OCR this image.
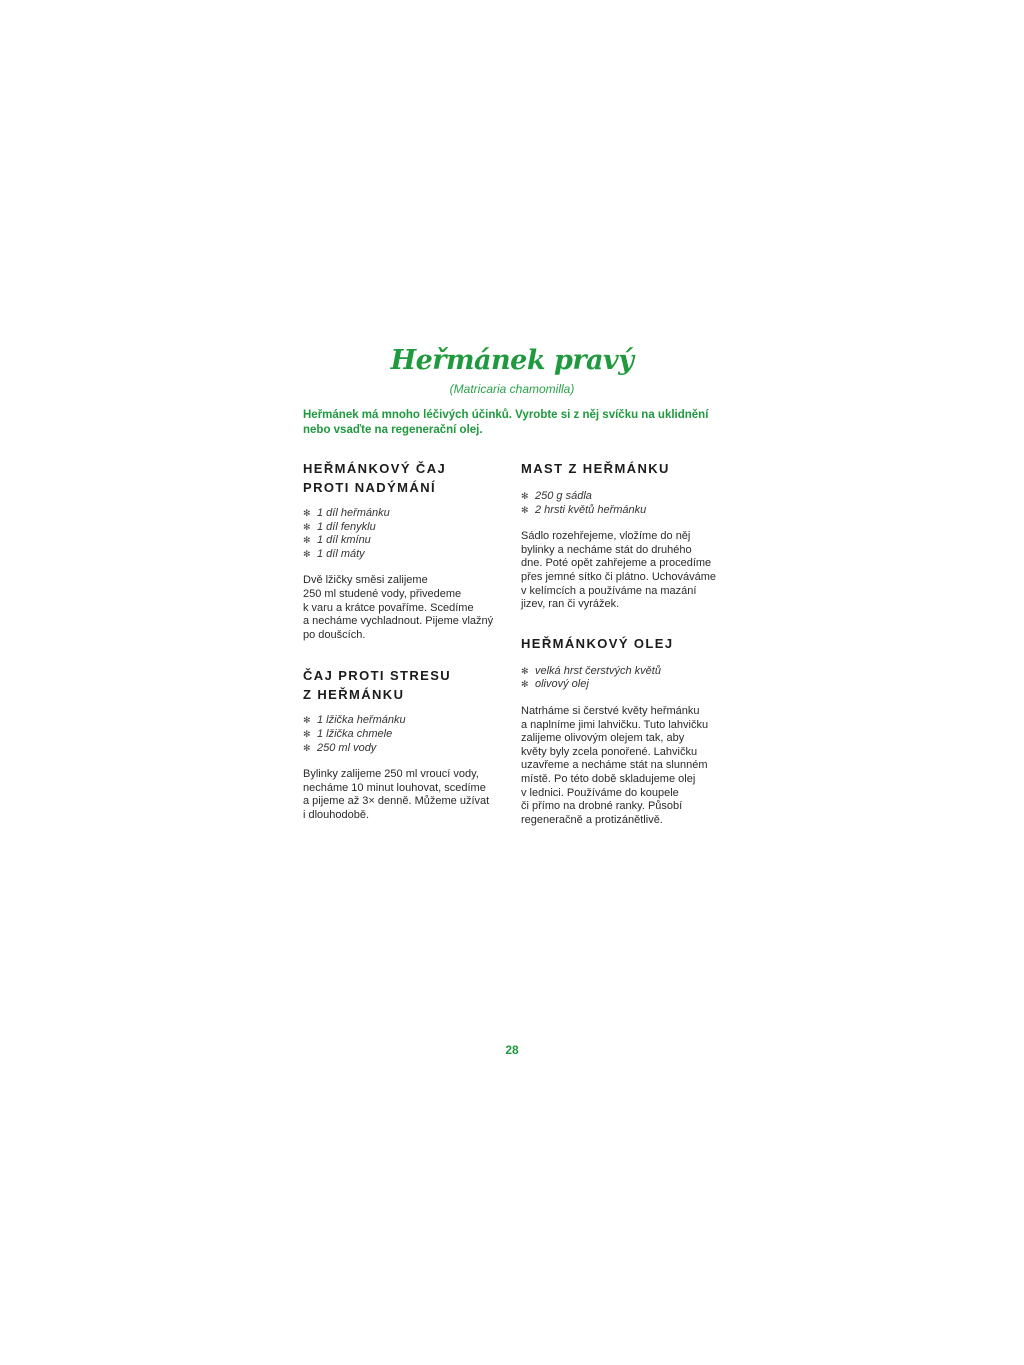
Heřmánek pravý
(Matricaria chamomilla)
Heřmánek má mnoho léčivých účinků. Vyrobte si z něj svíčku na uklidnění nebo vsaďte na regenerační olej.
HEŘMÁNKOVÝ ČAJ
PROTI NADÝMÁNÍ
✻ 1 díl heřmánku
✻ 1 díl fenyklu
✻ 1 díl kmínu
✻ 1 díl máty

Dvě lžičky směsi zalijeme
250 ml studené vody, přivedeme
k varu a krátce povaříme. Scedíme
a necháme vychladnout. Pijeme vlažný
po doušcích.

ČAJ PROTI STRESU
Z HEŘMÁNKU
✻ 1 lžička heřmánku
✻ 1 lžička chmele
✻ 250 ml vody

Bylinky zalijeme 250 ml vroucí vody,
necháme 10 minut louhovat, scedíme
a pijeme až 3× denně. Můžeme užívat
i dlouhodobě.

MAST Z HEŘMÁNKU
✻ 250 g sádla
✻ 2 hrsti květů heřmánku

Sádlo rozehřejeme, vložíme do něj
bylinky a necháme stát do druhého
dne. Poté opět zahřejeme a procedíme
přes jemné sítko či plátno. Uchováváme
v kelímcích a používáme na mazání
jizev, ran či vyrážek.

HEŘMÁNKOVÝ OLEJ
✻ velká hrst čerstvých květů
✻ olivový olej

Natrháme si čerstvé květy heřmánku
a naplníme jimi lahvičku. Tuto lahvičku
zalijeme olivovým olejem tak, aby
květy byly zcela ponořené. Lahvičku
uzavřeme a necháme stát na slunném
místě. Po této době skladujeme olej
v lednici. Používáme do koupele
či přímo na drobné ranky. Působí
regeneračně a protizánětlivě.

28
